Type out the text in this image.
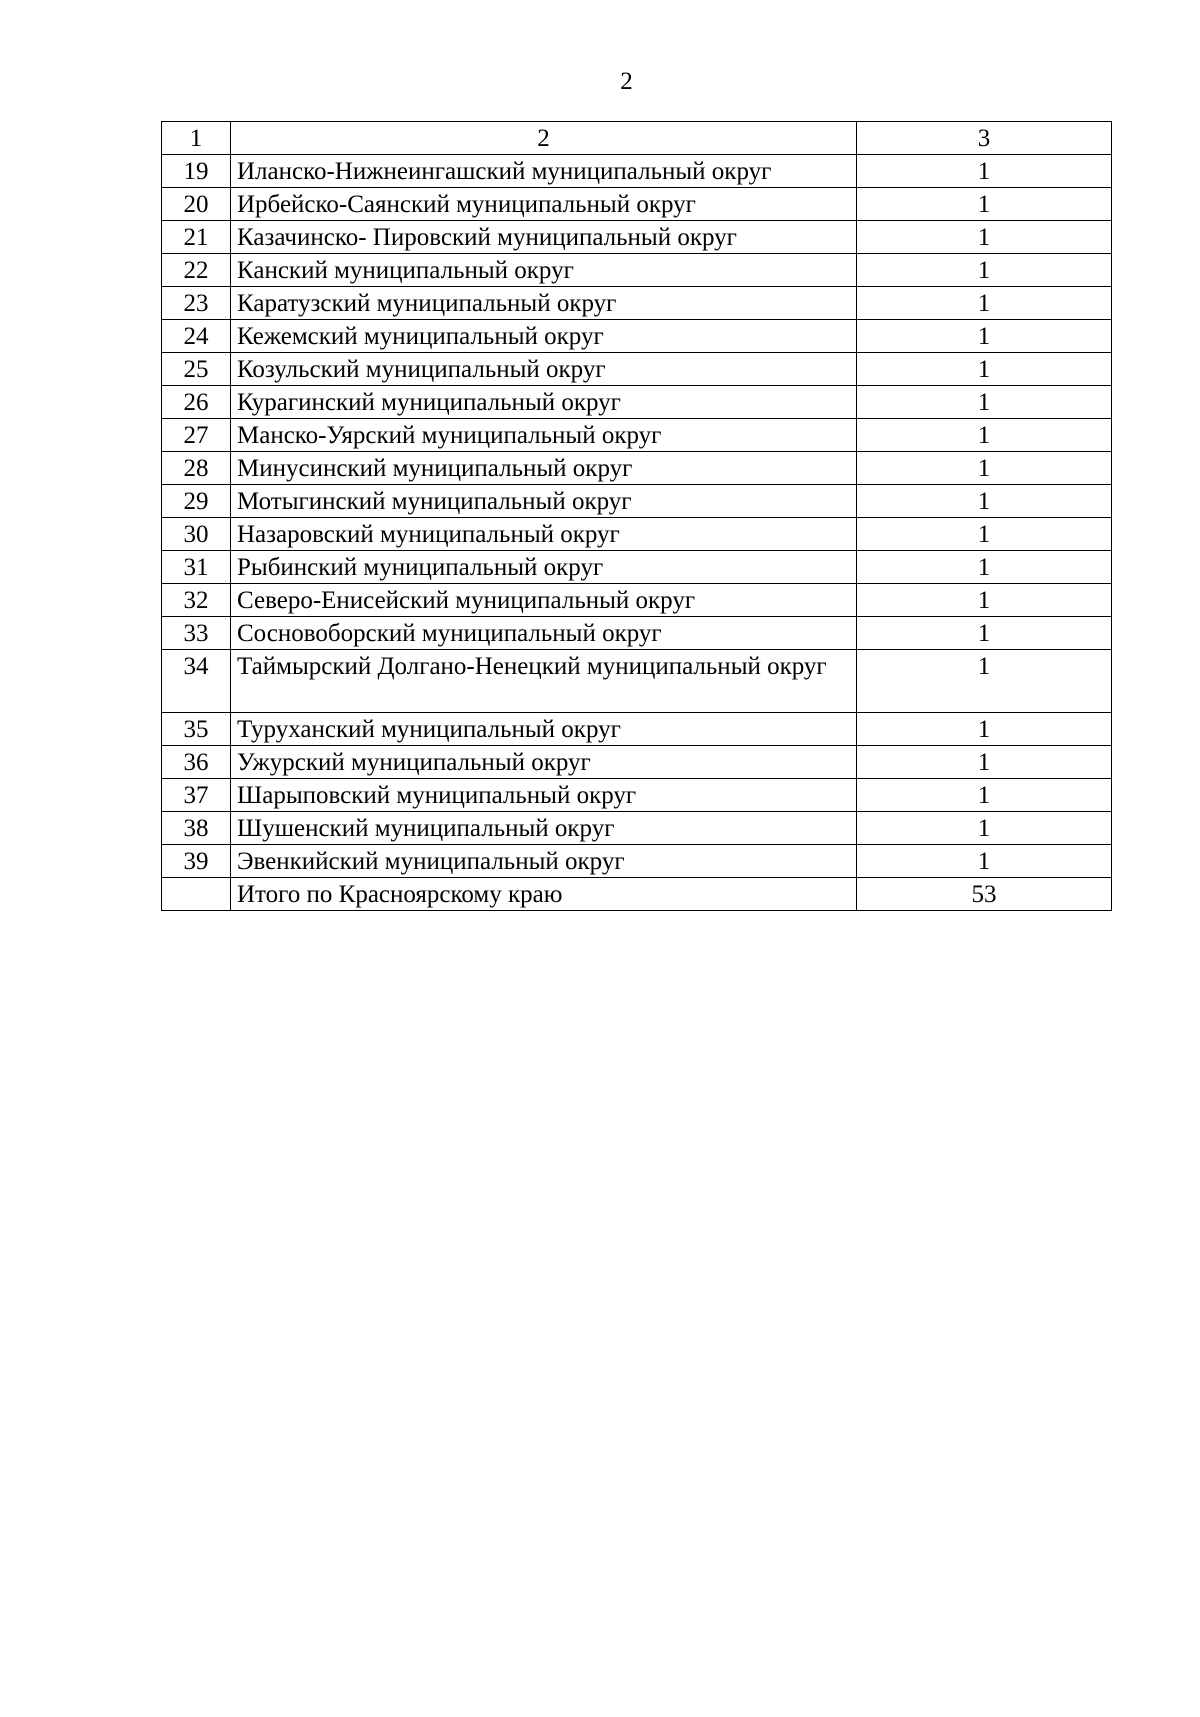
2
1	2	3

19	Иланско-Нижнеингашский муниципальный округ	1

20	Ирбейско-Саянский муниципальный округ	1

21	Казачинско- Пировский муниципальный округ	1

22	Канский муниципальный округ	1

23	Каратузский муниципальный округ	1

24	Кежемский муниципальный округ	1

25	Козульский муниципальный округ	1

26	Курагинский муниципальный округ	1

27	Манско-Уярский муниципальный округ	1

28	Минусинский муниципальный округ	1

29	Мотыгинский муниципальный округ	1

30	Назаровский муниципальный округ	1

31	Рыбинский муниципальный округ	1

32	Северо-Енисейский муниципальный округ	1

33	Сосновоборский муниципальный округ	1

34	Таймырский Долгано-Ненецкий муниципальный округ	1

35	Туруханский муниципальный округ	1

36	Ужурский муниципальный округ	1

37	Шарыповский муниципальный округ	1

38	Шушенский муниципальный округ	1

39	Эвенкийский муниципальный округ	1

	Итого по Красноярскому краю	53
